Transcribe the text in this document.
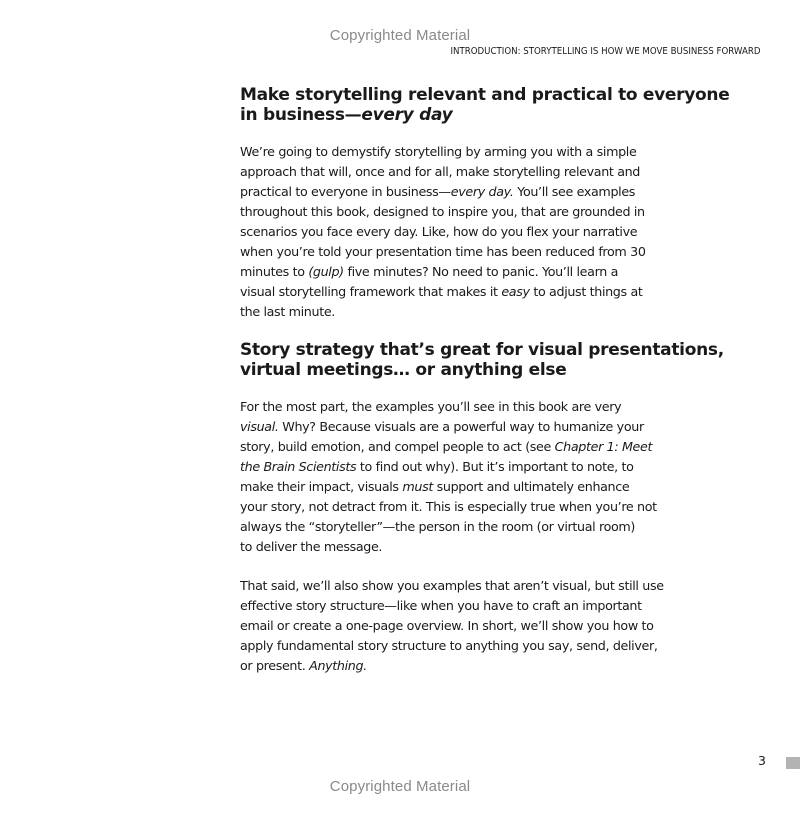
Copyrighted Material
INTRODUCTION: STORYTELLING IS HOW WE MOVE BUSINESS FORWARD
Make storytelling relevant and practical to everyone
in business—every day

We’re going to demystify storytelling by arming you with a simple
approach that will, once and for all, make storytelling relevant and
practical to everyone in business—every day. You’ll see examples
throughout this book, designed to inspire you, that are grounded in
scenarios you face every day. Like, how do you flex your narrative
when you’re told your presentation time has been reduced from 30
minutes to (gulp) five minutes? No need to panic. You’ll learn a
visual storytelling framework that makes it easy to adjust things at
the last minute.

Story strategy that’s great for visual presentations,
virtual meetings… or anything else

For the most part, the examples you’ll see in this book are very
visual. Why? Because visuals are a powerful way to humanize your
story, build emotion, and compel people to act (see Chapter 1: Meet
the Brain Scientists to find out why). But it’s important to note, to
make their impact, visuals must support and ultimately enhance
your story, not detract from it. This is especially true when you’re not
always the “storyteller”—the person in the room (or virtual room)
to deliver the message.

That said, we’ll also show you examples that aren’t visual, but still use
effective story structure—like when you have to craft an important
email or create a one-page overview. In short, we’ll show you how to
apply fundamental story structure to anything you say, send, deliver,
or present. Anything.

3
Copyrighted Material
